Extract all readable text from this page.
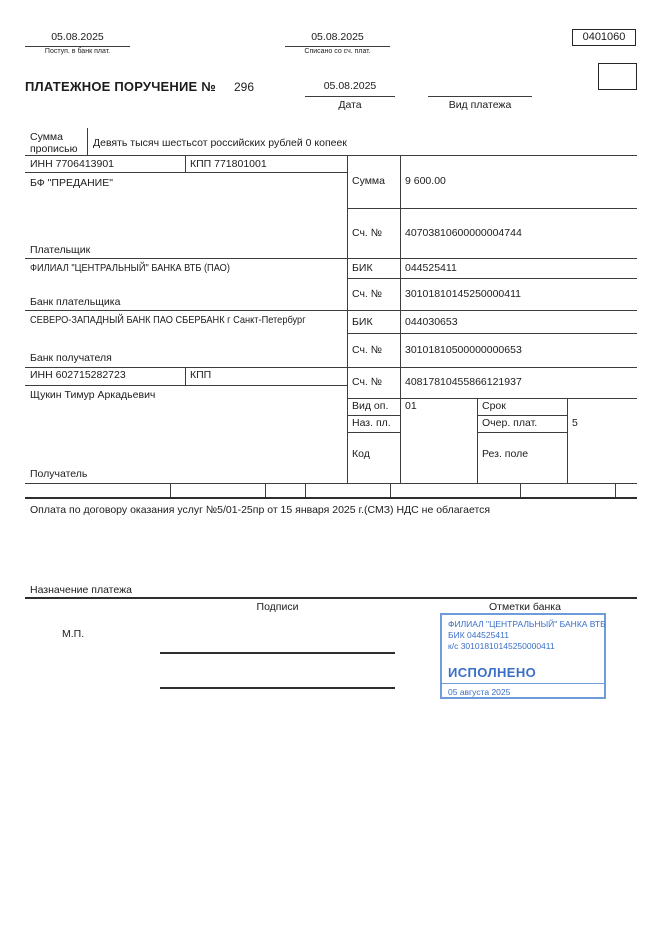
05.08.2025
Поступ. в банк плат.
05.08.2025
Списано со сч. плат.
0401060
ПЛАТЕЖНОЕ ПОРУЧЕНИЕ № 296	05.08.2025
Дата	Вид платежа
Сумма прописью
Девять тысяч шестьсот российских рублей 0 копеек
ИНН 7706413901	КПП 771801001
БФ "ПРЕДАНИЕ"
Плательщик
Сумма 9 600.00
Сч. № 40703810600000004744
ФИЛИАЛ "ЦЕНТРАЛЬНЫЙ" БАНКА ВТБ (ПАО)
Банк плательщика
БИК	044525411
Сч. № 30101810145250000411
СЕВЕРО-ЗАПАДНЫЙ БАНК ПАО СБЕРБАНК г Санкт-Петербург
Банк получателя
БИК	044030653
Сч. № 30101810500000000653
ИНН 602715282723	КПП
Щукин Тимур Аркадьевич
Получатель
Сч. № 40817810455866121937
Вид оп. 01	Срок
Наз. пл.	Очер. плат.	5
Код	Рез. поле
Оплата по договору оказания услуг №5/01-25пр от 15 января 2025 г.(СМЗ) НДС не облагается
Назначение платежа
Подписи	Отметки банка
М.П.
ФИЛИАЛ "ЦЕНТРАЛЬНЫЙ" БАНКА ВТБ
БИК 044525411
к/с 30101810145250000411
ИСПОЛНЕНО
05 августа 2025
